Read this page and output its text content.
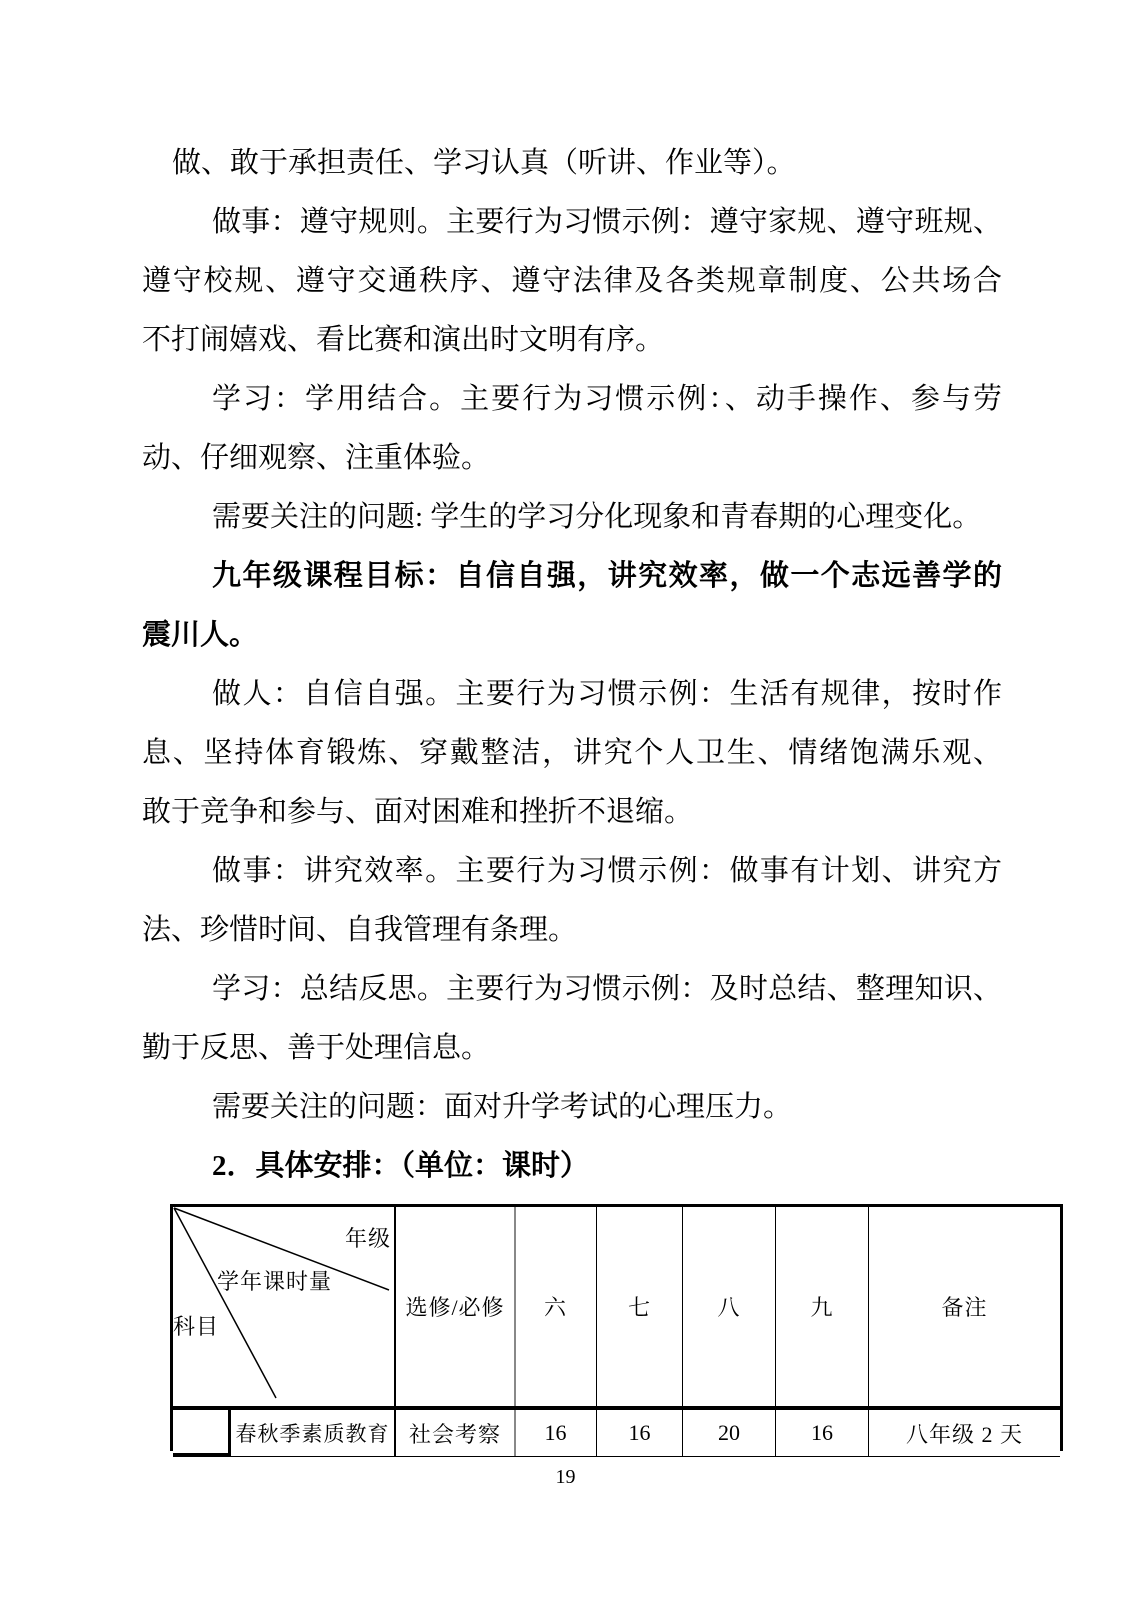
做、敢于承担责任、学习认真（听讲、作业等）。
做事：遵守规则。主要行为习惯示例：遵守家规、遵守班规、
遵守校规、遵守交通秩序、遵守法律及各类规章制度、公共场合
不打闹嬉戏、看比赛和演出时文明有序。
学习：学用结合。主要行为习惯示例：、动手操作、参与劳
动、仔细观察、注重体验。
需要关注的问题: 学生的学习分化现象和青春期的心理变化。
九年级课程目标：自信自强，讲究效率，做一个志远善学的
震川人。
做人：自信自强。主要行为习惯示例：生活有规律，按时作
息、坚持体育锻炼、穿戴整洁，讲究个人卫生、情绪饱满乐观、
敢于竞争和参与、面对困难和挫折不退缩。
做事：讲究效率。主要行为习惯示例：做事有计划、讲究方
法、珍惜时间、自我管理有条理。
学习：总结反思。主要行为习惯示例：及时总结、整理知识、
勤于反思、善于处理信息。
需要关注的问题：面对升学考试的心理压力。
2．具体安排：（单位：课时）
年级
学年课时量
科目
选修/必修	六	七	八	九	备注
春秋季素质教育 社会考察	16	16	20	16	八年级 2 天
19
